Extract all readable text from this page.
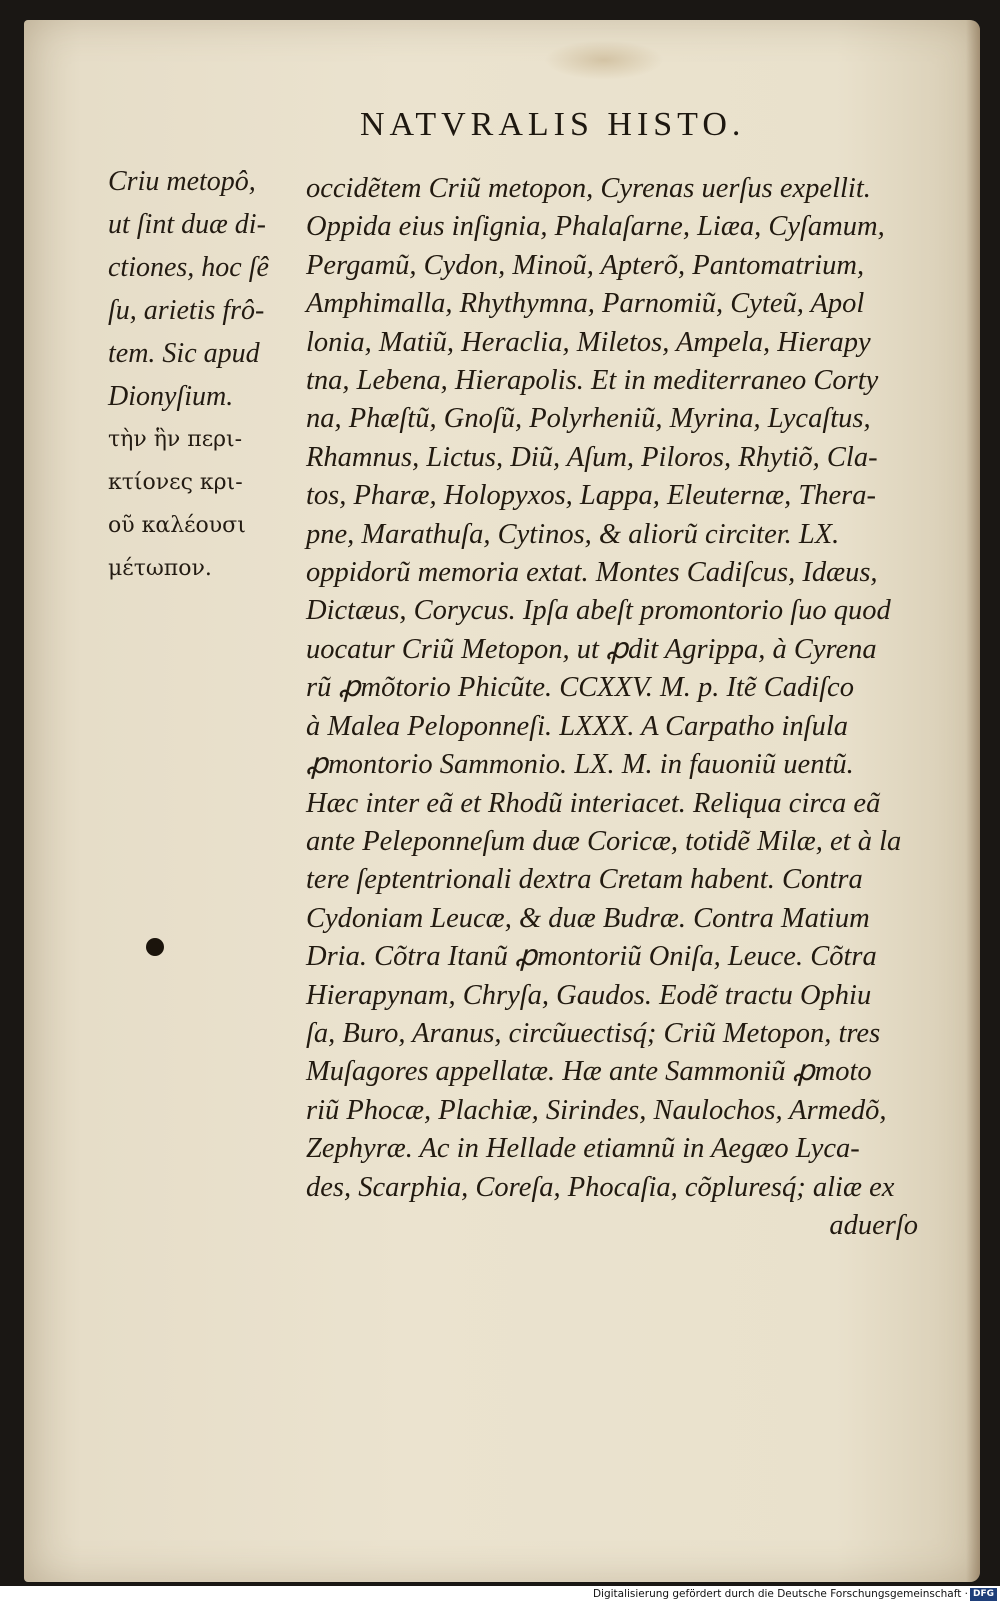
NATVRALIS HISTO.
Criu metopô,
ut ſint duæ di-
ctiones, hoc ſê
ſu, arietis frô-
tem. Sic apud
Dionyſium.
τὴν ἣν περι-
κτίονες κρι-
οῦ καλέουσι
μέτωπον.
occidẽtem Criũ metopon, Cyrenas uerſus expellit.
Oppida eius inſignia, Phalaſarne, Liæa, Cyſamum,
Pergamũ, Cydon, Minoũ, Apterõ, Pantomatrium,
Amphimalla, Rhythymna, Parnomiũ, Cyteũ, Apol
lonia, Matiũ, Heraclia, Miletos, Ampela, Hierapy
tna, Lebena, Hierapolis. Et in mediterraneo Corty
na, Phæſtũ, Gnoſũ, Polyrheniũ, Myrina, Lycaſtus,
Rhamnus, Lictus, Diũ, Aſum, Piloros, Rhytiõ, Cla-
tos, Pharæ, Holopyxos, Lappa, Eleuternæ, Thera-
pne, Marathuſa, Cytinos, & aliorũ circiter. LX.
oppidorũ memoria extat. Montes Cadiſcus, Idæus,
Dictæus, Corycus. Ipſa abeſt promontorio ſuo quod
uocatur Criũ Metopon, ut ꝓdit Agrippa, à Cyrena
rũ ꝓmõtorio Phicũte. CCXXV. M. p. Itẽ Cadiſco
à Malea Peloponneſi. LXXX. A Carpatho inſula
ꝓmontorio Sammonio. LX. M. in fauoniũ uentũ.
Hæc inter eã et Rhodũ interiacet. Reliqua circa eã
ante Peleponneſum duæ Coricæ, totidẽ Milæ, et à la
tere ſeptentrionali dextra Cretam habent. Contra
Cydoniam Leucæ, & duæ Budræ. Contra Matium
Dria. Cõtra Itanũ ꝓmontoriũ Oniſa, Leuce. Cõtra
Hierapynam, Chryſa, Gaudos. Eodẽ tractu Ophiu
ſa, Buro, Aranus, circũuectisq́; Criũ Metopon, tres
Muſagores appellatæ. Hæ ante Sammoniũ ꝓmoto
riũ Phocæ, Plachiæ, Sirindes, Naulochos, Armedõ,
Zephyræ. Ac in Hellade etiamnũ in Aegæo Lyca-
des, Scarphia, Coreſa, Phocaſia, cõpluresq́; aliæ ex
aduerſo
Digitalisierung gefördert durch die Deutsche Forschungsgemeinschaft · DFG
